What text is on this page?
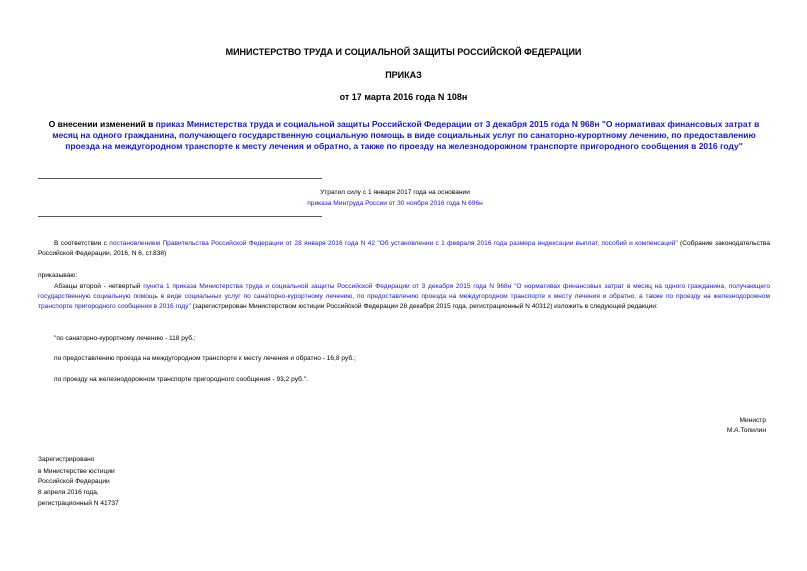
МИНИСТЕРСТВО ТРУДА И СОЦИАЛЬНОЙ ЗАЩИТЫ РОССИЙСКОЙ ФЕДЕРАЦИИ
ПРИКАЗ
от 17 марта 2016 года N 108н
О внесении изменений в приказ Министерства труда и социальной защиты Российской Федерации от 3 декабря 2015 года N 968н "О нормативах финансовых затрат в месяц на одного гражданина, получающего государственную социальную помощь в виде социальных услуг по санаторно-курортному лечению, по предоставлению проезда на междугородном транспорте к месту лечения и обратно, а также по проезду на железнодорожном транспорте пригородного сообщения в 2016 году"
Утратил силу с 1 января 2017 года на основании
приказа Минтруда России от 30 ноября 2016 года N 696н
В соответствии с постановлением Правительства Российской Федерации от 28 января 2016 года N 42 "Об установлении с 1 февраля 2016 года размера индексации выплат, пособий и компенсаций" (Собрание законодательства Российской Федерации, 2016, N 6, ст.838)
приказываю:
Абзацы второй - четвертый пункта 1 приказа Министерства труда и социальной защиты Российской Федерации от 3 декабря 2015 года N 968н "О нормативах финансовых затрат в месяц на одного гражданина, получающего государственную социальную помощь в виде социальных услуг по санаторно-курортному лечению, по предоставлению проезда на междугородном транспорте к месту лечения и обратно, а также по проезду на железнодорожном транспорте пригородного сообщения в 2016 году" (зарегистрирован Министерством юстиции Российской Федерации 28 декабря 2015 года, регистрационный N 40312) изложить в следующей редакции:
"по санаторно-курортному лечению - 118 руб.;
по предоставлению проезда на междугородном транспорте к месту лечения и обратно - 16,8 руб.;
по проезду на железнодорожном транспорте пригородного сообщения - 93,2 руб.".
Министр
М.А.Топилин
Зарегистрировано
в Министерстве юстиции
Российской Федерации
8 апреля 2016 года,
регистрационный N 41737
